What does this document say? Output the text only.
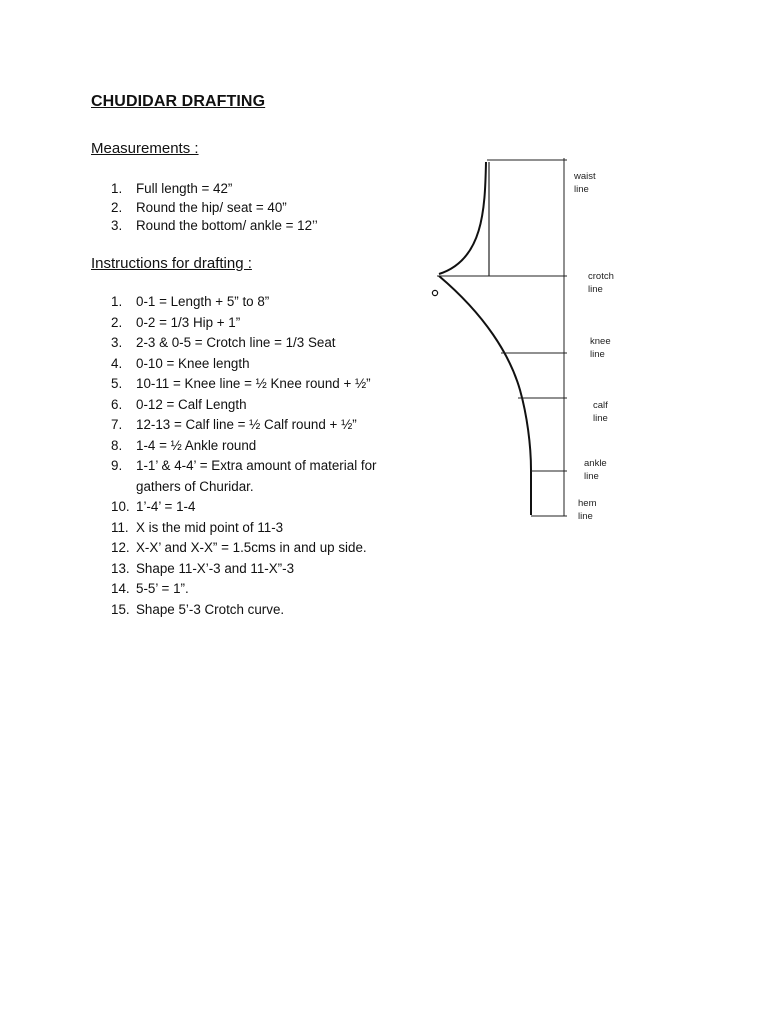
CHUDIDAR DRAFTING
Measurements :
1. Full length = 42”
2. Round the hip/ seat = 40”
3. Round the bottom/ ankle = 12’’
Instructions for drafting :
1. 0-1 = Length + 5” to 8”
2. 0-2 = 1/3 Hip + 1”
3. 2-3 & 0-5 = Crotch line = 1/3 Seat
4. 0-10 = Knee length
5. 10-11 = Knee line = ½ Knee round + ½”
6. 0-12 = Calf Length
7. 12-13 = Calf line = ½ Calf round + ½”
8. 1-4 = ½ Ankle round
9. 1-1’ & 4-4’ = Extra amount of material for
gathers of Churidar.
10. 1’-4’ = 1-4
11. X is the mid point of 11-3
12. X-X’ and X-X” = 1.5cms in and up side.
13. Shape 11-X’-3 and 11-X”-3
14. 5-5’ = 1”.
15. Shape 5’-3 Crotch curve.
waist
line
crotch
line
knee
line
calf
line
ankle
line
hem
line
